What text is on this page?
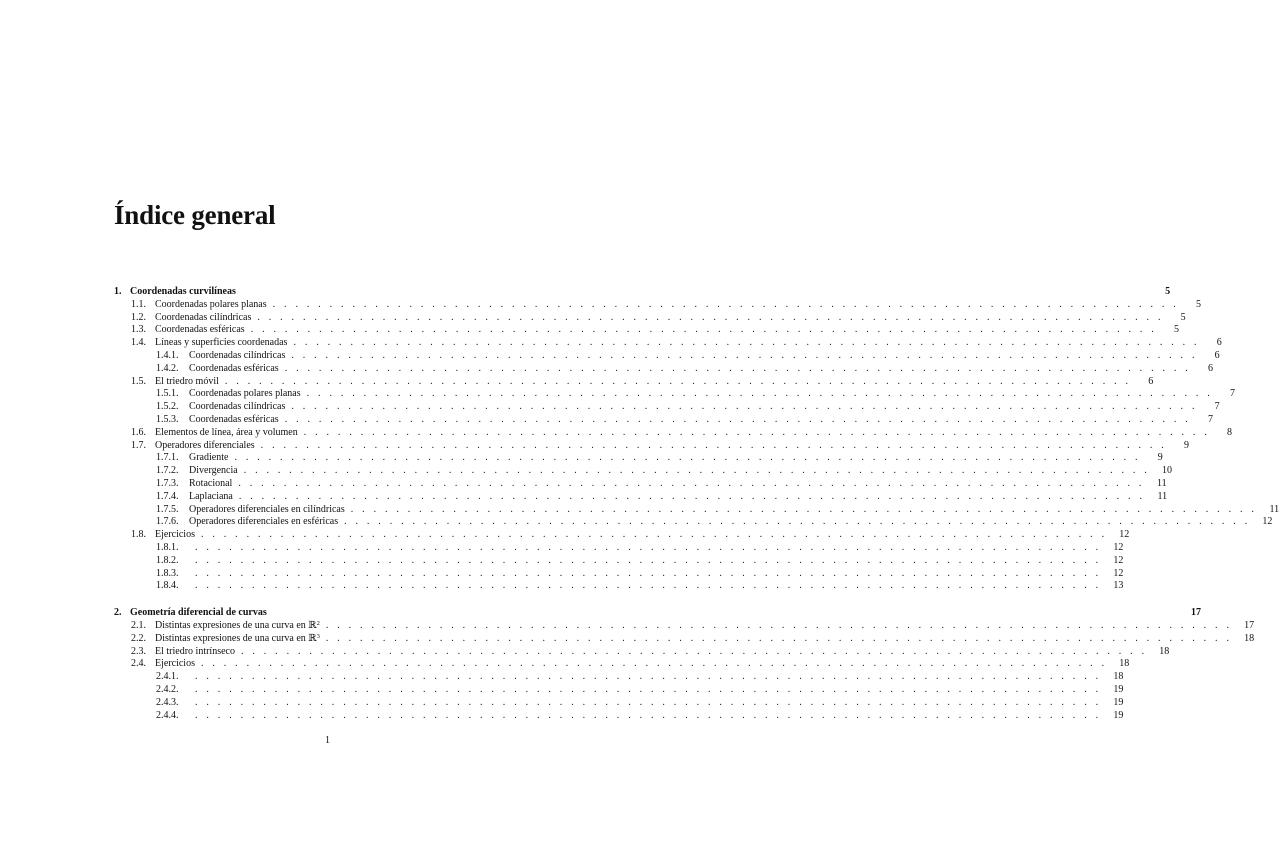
Índice general
1. Coordenadas curvilíneas	5
1.1. Coordenadas polares planas . . . . . . . . . . . . . . . . . . . . . . . . . . . . . . . . . . . . . . . . . . . . . . . . . . . . . . . . . . . . . . . . . . . . . . . . . . . . . . . .	5
1.2. Coordenadas cilíndricas . . . . . . . . . . . . . . . . . . . . . . . . . . . . . . . . . . . . . . . . . . . . . . . . . . . . . . . . . . . . . . . . . . . . . . . . . . . . . . . .	5
1.3. Coordenadas esféricas . . . . . . . . . . . . . . . . . . . . . . . . . . . . . . . . . . . . . . . . . . . . . . . . . . . . . . . . . . . . . . . . . . . . . . . . . . . . . . . .	5
1.4. Líneas y superficies coordenadas . . . . . . . . . . . . . . . . . . . . . . . . . . . . . . . . . . . . . . . . . . . . . . . . . . . . . . . . . . . . . . . . . . . . . . . . . . . . . . . .	6
1.4.1.	Coordenadas cilíndricas . . . . . . . . . . . . . . . . . . . . . . . . . . . . . . . . . . . . . . . . . . . . . . . . . . . . . . . . . . . . . . . . . . . . . . . . . . . . . . . .	6
1.4.2.	Coordenadas esféricas . . . . . . . . . . . . . . . . . . . . . . . . . . . . . . . . . . . . . . . . . . . . . . . . . . . . . . . . . . . . . . . . . . . . . . . . . . . . . . . .	6
1.5. El triedro móvil . . . . . . . . . . . . . . . . . . . . . . . . . . . . . . . . . . . . . . . . . . . . . . . . . . . . . . . . . . . . . . . . . . . . . . . . . . . . . . . .	6
1.5.1.	Coordenadas polares planas . . . . . . . . . . . . . . . . . . . . . . . . . . . . . . . . . . . . . . . . . . . . . . . . . . . . . . . . . . . . . . . . . . . . . . . . . . . . . . . .	7
1.5.2.	Coordenadas cilíndricas . . . . . . . . . . . . . . . . . . . . . . . . . . . . . . . . . . . . . . . . . . . . . . . . . . . . . . . . . . . . . . . . . . . . . . . . . . . . . . . .	7
1.5.3.	Coordenadas esféricas . . . . . . . . . . . . . . . . . . . . . . . . . . . . . . . . . . . . . . . . . . . . . . . . . . . . . . . . . . . . . . . . . . . . . . . . . . . . . . . .	7
1.6. Elementos de línea, área y volumen . . . . . . . . . . . . . . . . . . . . . . . . . . . . . . . . . . . . . . . . . . . . . . . . . . . . . . . . . . . . . . . . . . . . . . . . . . . . . . . .	8
1.7. Operadores diferenciales . . . . . . . . . . . . . . . . . . . . . . . . . . . . . . . . . . . . . . . . . . . . . . . . . . . . . . . . . . . . . . . . . . . . . . . . . . . . . . . .	9
1.7.1.	Gradiente . . . . . . . . . . . . . . . . . . . . . . . . . . . . . . . . . . . . . . . . . . . . . . . . . . . . . . . . . . . . . . . . . . . . . . . . . . . . . . . .	9
1.7.2.	Divergencia . . . . . . . . . . . . . . . . . . . . . . . . . . . . . . . . . . . . . . . . . . . . . . . . . . . . . . . . . . . . . . . . . . . . . . . . . . . . . . . .	10
1.7.3.	Rotacional . . . . . . . . . . . . . . . . . . . . . . . . . . . . . . . . . . . . . . . . . . . . . . . . . . . . . . . . . . . . . . . . . . . . . . . . . . . . . . . .	11
1.7.4.	Laplaciana . . . . . . . . . . . . . . . . . . . . . . . . . . . . . . . . . . . . . . . . . . . . . . . . . . . . . . . . . . . . . . . . . . . . . . . . . . . . . . . .	11
1.7.5.	Operadores diferenciales en cilíndricas . . . . . . . . . . . . . . . . . . . . . . . . . . . . . . . . . . . . . . . . . . . . . . . . . . . . . . . . . . . . . . . . . . . . . . . . . . . . . . . .	11
1.7.6.	Operadores diferenciales en esféricas . . . . . . . . . . . . . . . . . . . . . . . . . . . . . . . . . . . . . . . . . . . . . . . . . . . . . . . . . . . . . . . . . . . . . . . . . . . . . . . .	12
1.8. Ejercicios . . . . . . . . . . . . . . . . . . . . . . . . . . . . . . . . . . . . . . . . . . . . . . . . . . . . . . . . . . . . . . . . . . . . . . . . . . . . . . . .	12
1.8.1.	. . . . . . . . . . . . . . . . . . . . . . . . . . . . . . . . . . . . . . . . . . . . . . . . . . . . . . . . . . . . . . . . . . . . . . . . . . . . . . . .	12
1.8.2.	. . . . . . . . . . . . . . . . . . . . . . . . . . . . . . . . . . . . . . . . . . . . . . . . . . . . . . . . . . . . . . . . . . . . . . . . . . . . . . . .	12
1.8.3.	. . . . . . . . . . . . . . . . . . . . . . . . . . . . . . . . . . . . . . . . . . . . . . . . . . . . . . . . . . . . . . . . . . . . . . . . . . . . . . . .	12
1.8.4.	. . . . . . . . . . . . . . . . . . . . . . . . . . . . . . . . . . . . . . . . . . . . . . . . . . . . . . . . . . . . . . . . . . . . . . . . . . . . . . . .	13
2. Geometría diferencial de curvas	17
2.1. Distintas expresiones de una curva en ℝ$^2$ . . . . . . . . . . . . . . . . . . . . . . . . . . . . . . . . . . . . . . . . . . . . . . . . . . . . . . . . . . . . . . . . . . . . . . . . . . . . . . . .	17
2.2. Distintas expresiones de una curva en ℝ$^3$ . . . . . . . . . . . . . . . . . . . . . . . . . . . . . . . . . . . . . . . . . . . . . . . . . . . . . . . . . . . . . . . . . . . . . . . . . . . . . . . .	18
2.3. El triedro intrínseco . . . . . . . . . . . . . . . . . . . . . . . . . . . . . . . . . . . . . . . . . . . . . . . . . . . . . . . . . . . . . . . . . . . . . . . . . . . . . . . .	18
2.4. Ejercicios . . . . . . . . . . . . . . . . . . . . . . . . . . . . . . . . . . . . . . . . . . . . . . . . . . . . . . . . . . . . . . . . . . . . . . . . . . . . . . . .	18
2.4.1.	. . . . . . . . . . . . . . . . . . . . . . . . . . . . . . . . . . . . . . . . . . . . . . . . . . . . . . . . . . . . . . . . . . . . . . . . . . . . . . . .	18
2.4.2.	. . . . . . . . . . . . . . . . . . . . . . . . . . . . . . . . . . . . . . . . . . . . . . . . . . . . . . . . . . . . . . . . . . . . . . . . . . . . . . . .	19
2.4.3.	. . . . . . . . . . . . . . . . . . . . . . . . . . . . . . . . . . . . . . . . . . . . . . . . . . . . . . . . . . . . . . . . . . . . . . . . . . . . . . . .	19
2.4.4.	. . . . . . . . . . . . . . . . . . . . . . . . . . . . . . . . . . . . . . . . . . . . . . . . . . . . . . . . . . . . . . . . . . . . . . . . . . . . . . . .	19
1
